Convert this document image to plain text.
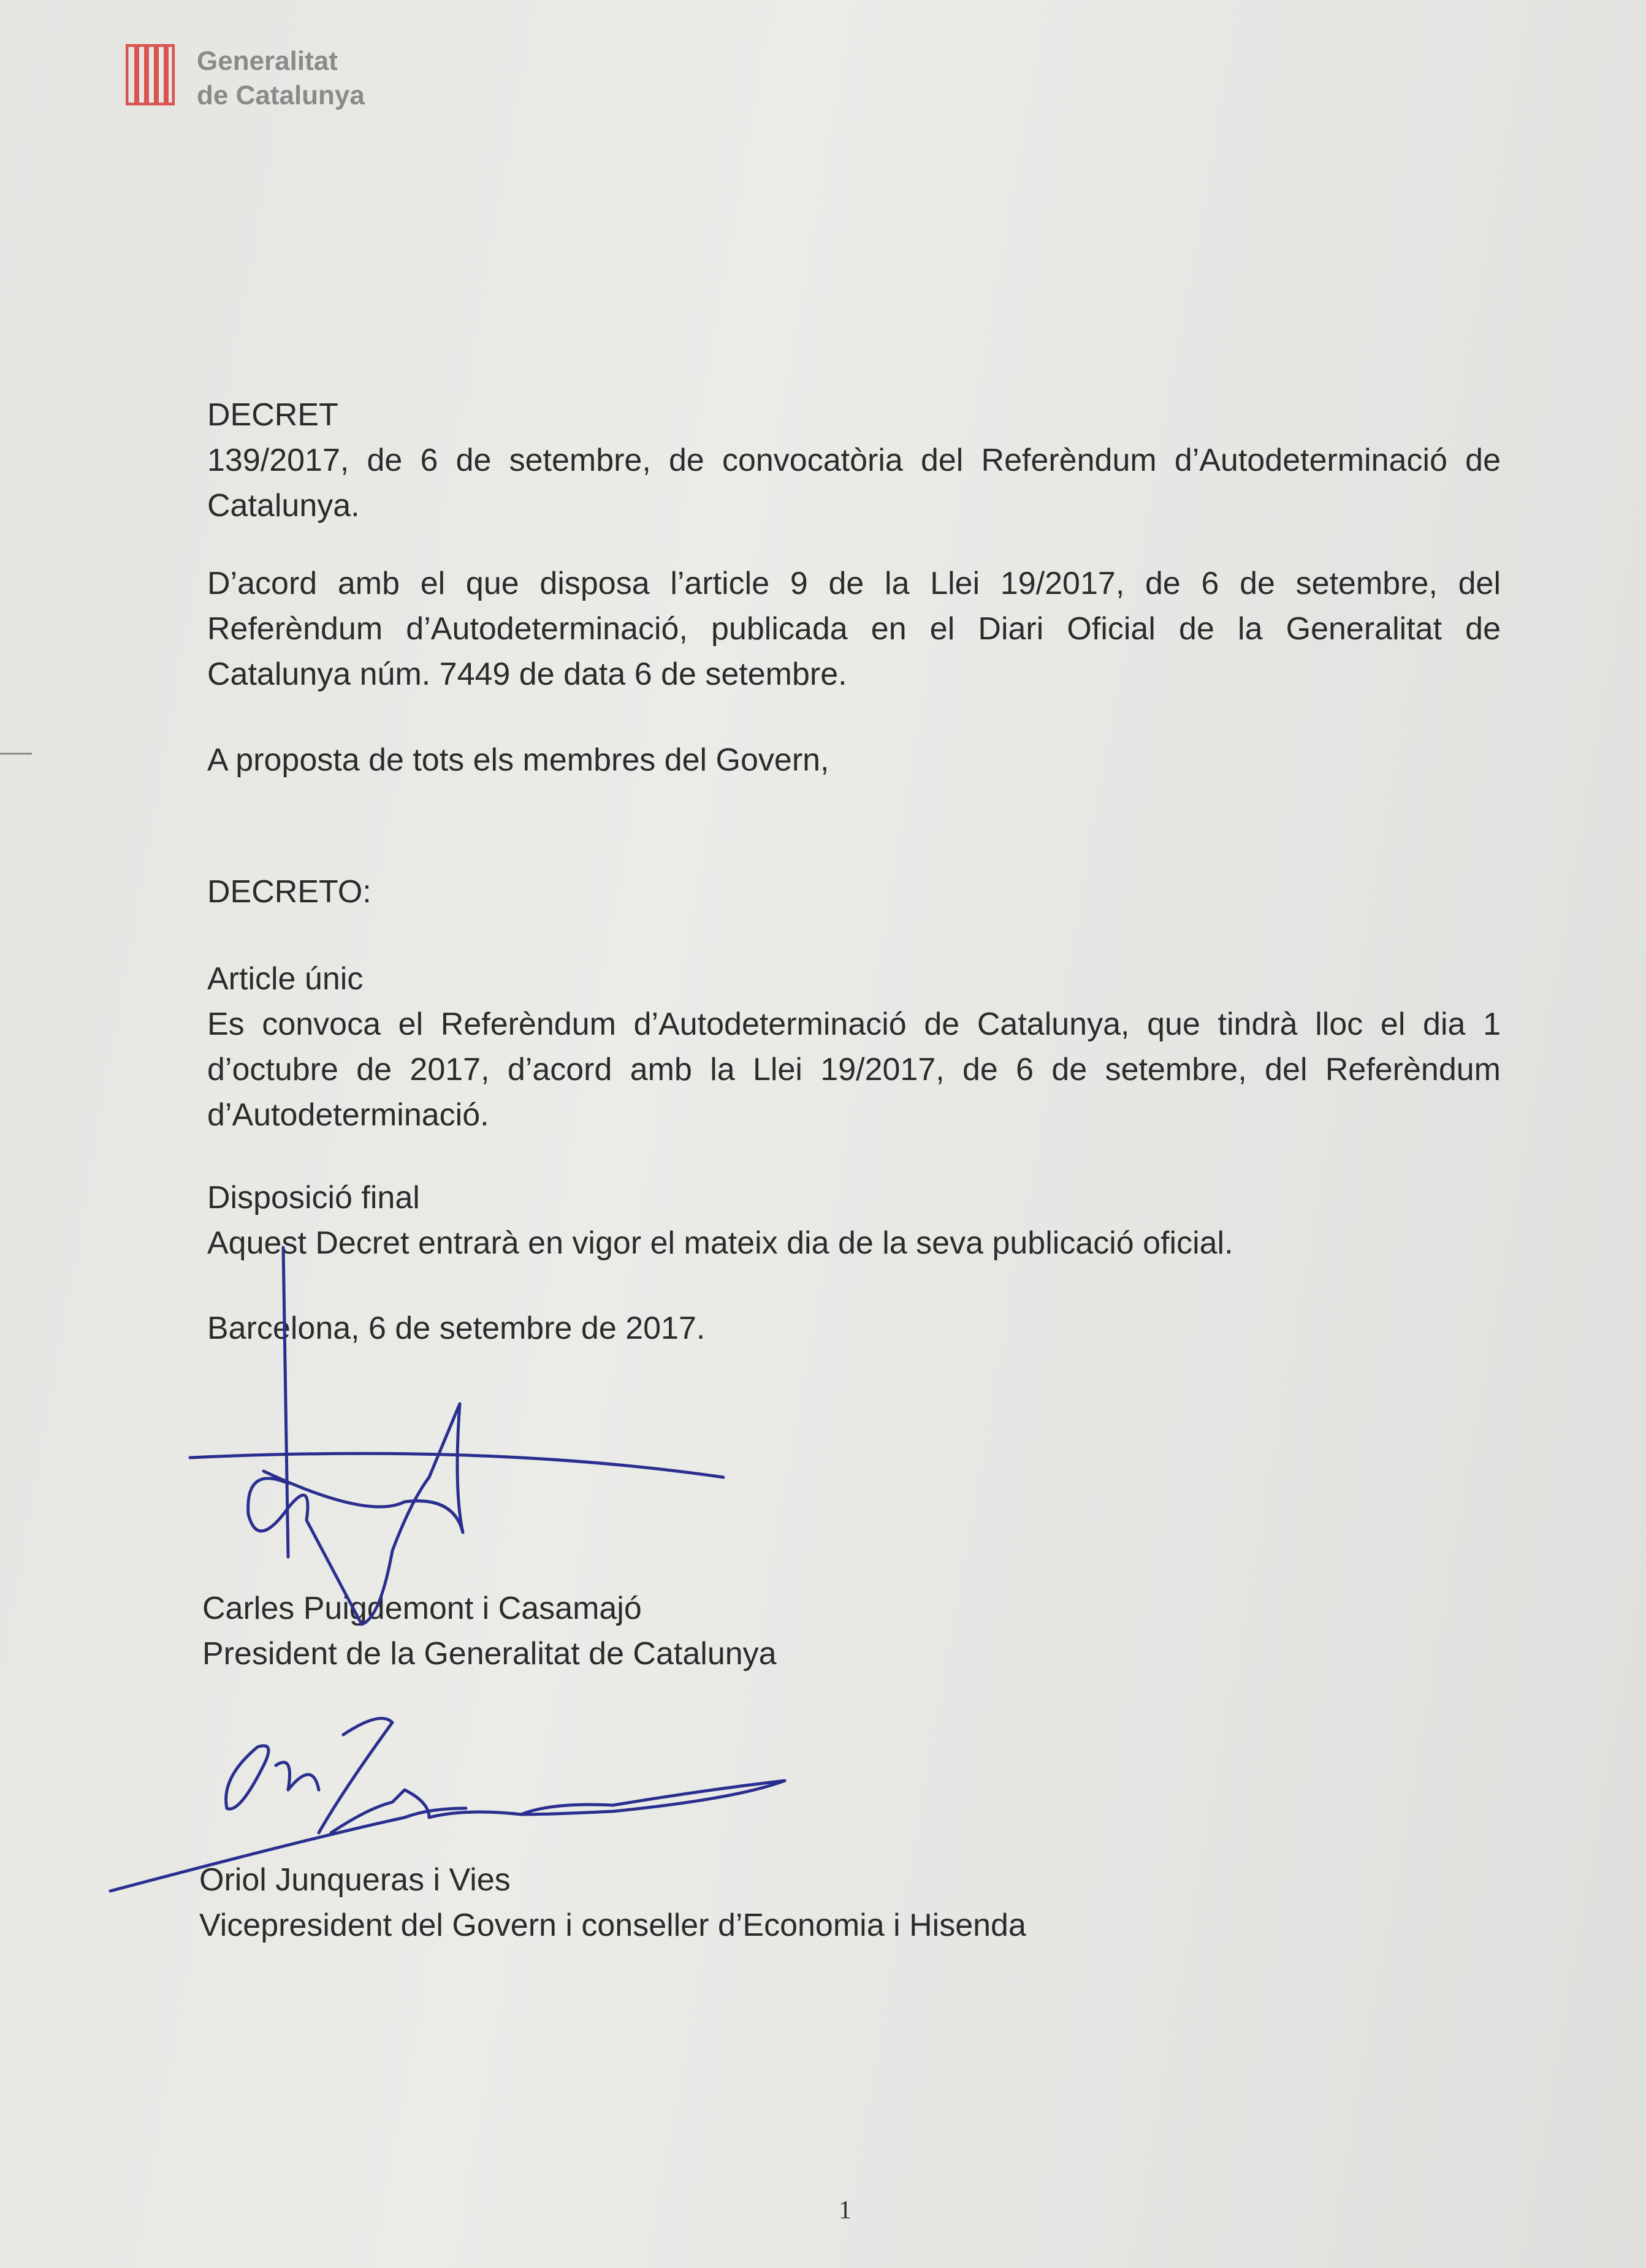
Generalitat
de Catalunya

DECRET

139/2017, de 6 de setembre, de convocatòria del Referèndum d’Autodeterminació de Catalunya.

D’acord amb el que disposa l’article 9 de la Llei 19/2017, de 6 de setembre, del Referèndum d’Autodeterminació, publicada en el Diari Oficial de la Generalitat de Catalunya núm. 7449 de data 6 de setembre.
A proposta de tots els membres del Govern,
DECRETO:

Article únic

Es convoca el Referèndum d’Autodeterminació de Catalunya, que tindrà lloc el dia 1 d’octubre de 2017, d’acord amb la Llei 19/2017, de 6 de setembre, del Referèndum d’Autodeterminació.

Disposició final

Aquest Decret entrarà en vigor el mateix dia de la seva publicació oficial.

Barcelona, 6 de setembre de 2017.

Carles Puigdemont i Casamajó

President de la Generalitat de Catalunya

Oriol Junqueras i Vies

Vicepresident del Govern i conseller d’Economia i Hisenda

1
